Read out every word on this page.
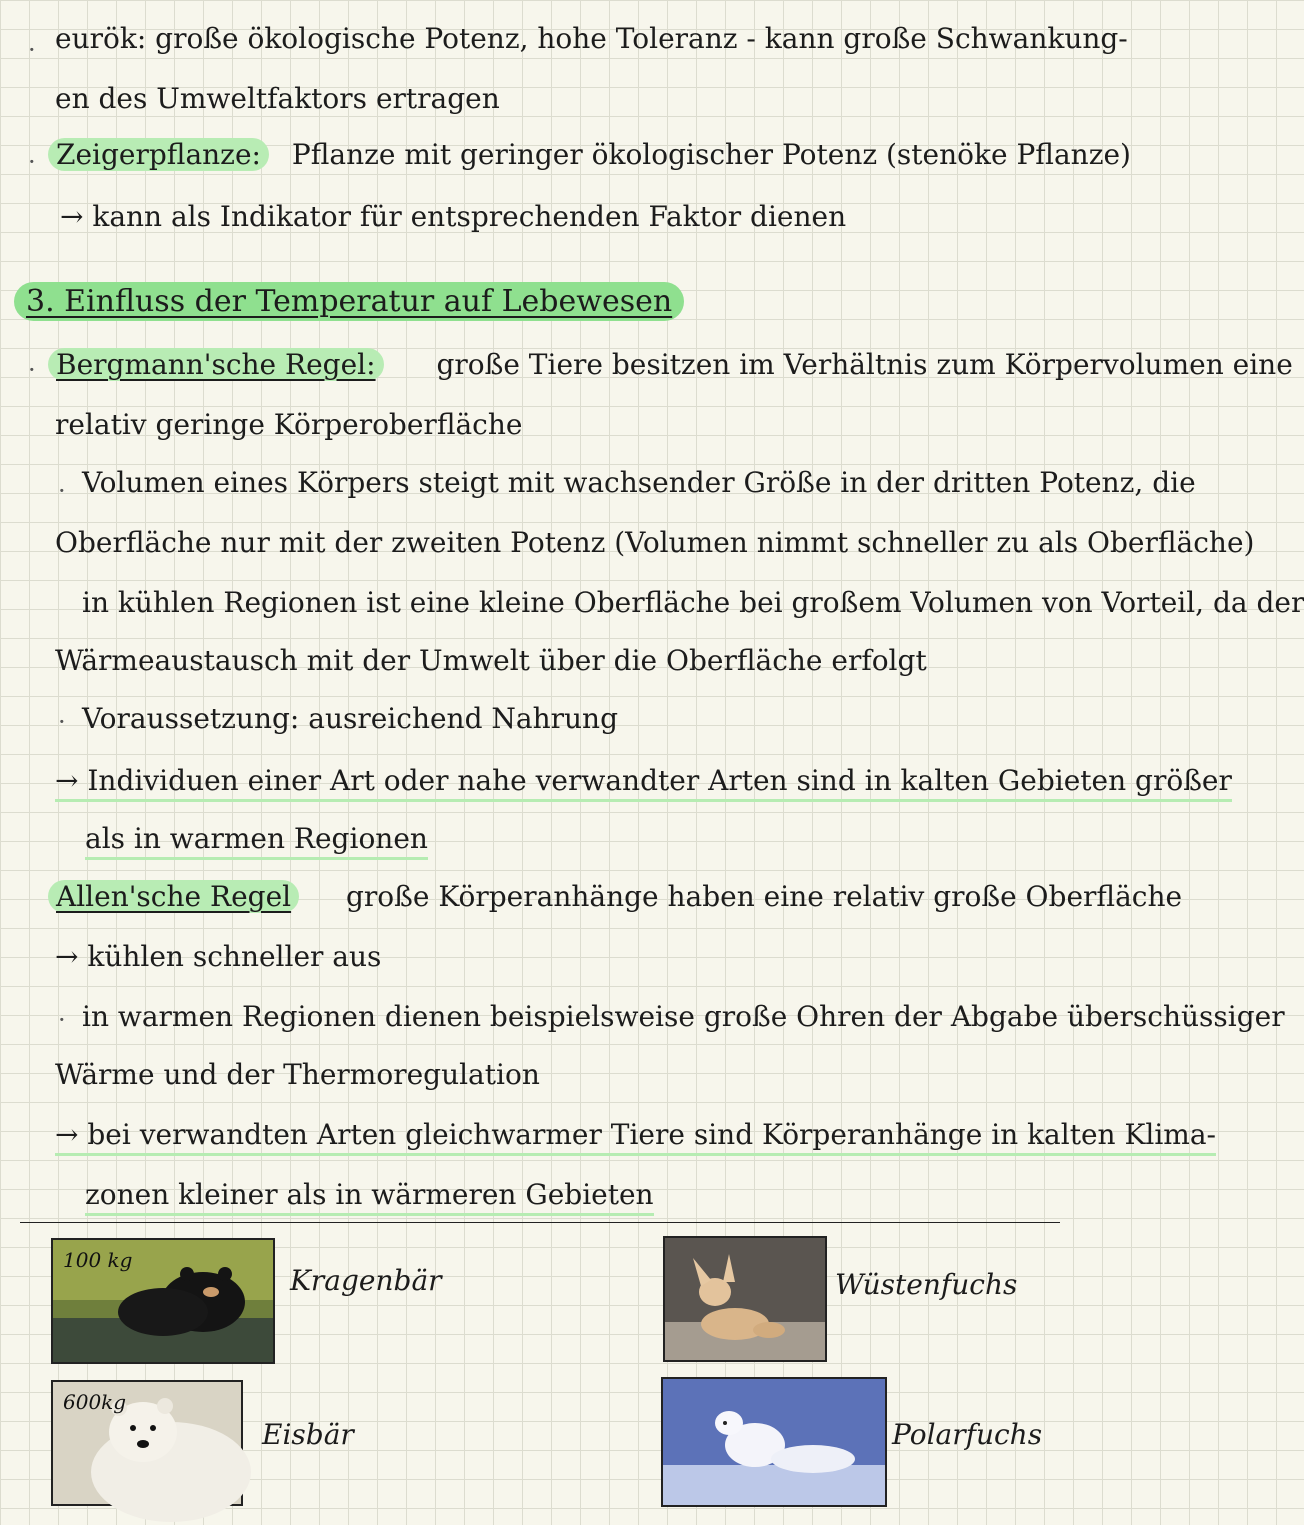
·
·
·
·
·
·
eurök: große ökologische Potenz, hohe Toleranz - kann große Schwankung-
en des Umweltfaktors ertragen
Zeigerpflanze: Pflanze mit geringer ökologischer Potenz (stenöke Pflanze)
→ kann als Indikator für entsprechenden Faktor dienen
3. Einfluss der Temperatur auf Lebewesen
Bergmann'sche Regel: große Tiere besitzen im Verhältnis zum Körpervolumen eine
relativ geringe Körperoberfläche
Volumen eines Körpers steigt mit wachsender Größe in der dritten Potenz, die
Oberfläche nur mit der zweiten Potenz (Volumen nimmt schneller zu als Oberfläche)
in kühlen Regionen ist eine kleine Oberfläche bei großem Volumen von Vorteil, da der
Wärmeaustausch mit der Umwelt über die Oberfläche erfolgt
Voraussetzung: ausreichend Nahrung
→ Individuen einer Art oder nahe verwandter Arten sind in kalten Gebieten größer
als in warmen Regionen
Allen'sche Regel große Körperanhänge haben eine relativ große Oberfläche
→ kühlen schneller aus
in warmen Regionen dienen beispielsweise große Ohren der Abgabe überschüssiger
Wärme und der Thermoregulation
→ bei verwandten Arten gleichwarmer Tiere sind Körperanhänge in kalten Klima-
zonen kleiner als in wärmeren Gebieten
100 kg
Kragenbär
600kg
Eisbär
Wüstenfuchs
Polarfuchs
